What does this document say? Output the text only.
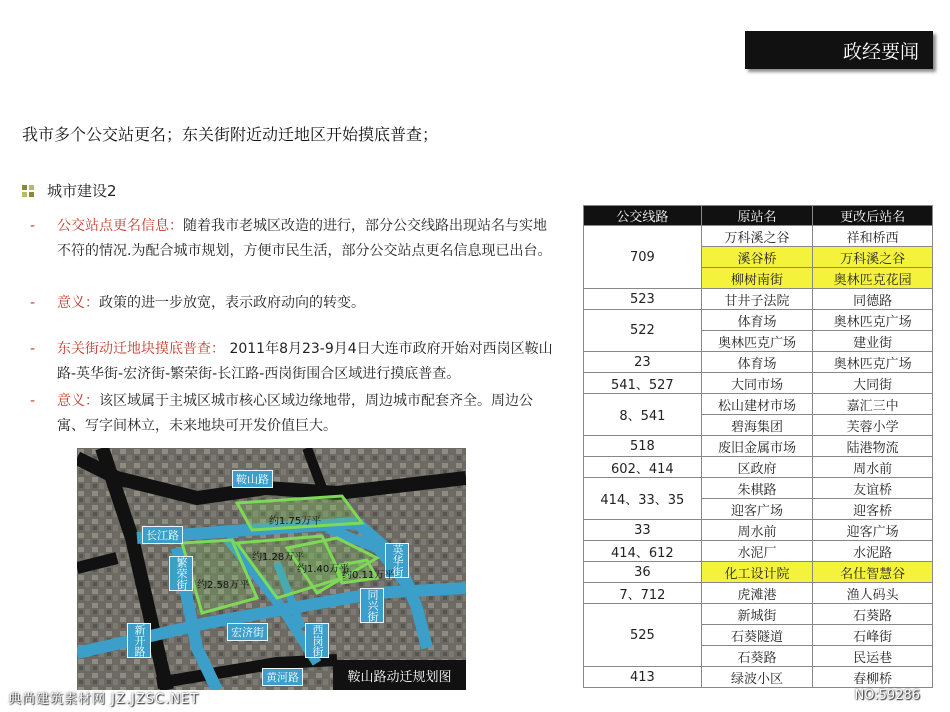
政经要闻
我市多个公交站更名；东关街附近动迁地区开始摸底普查；
城市建设2
- 公交站点更名信息：随着我市老城区改造的进行，部分公交线路出现站名与实地不符的情况.为配合城市规划，方便市民生活，部分公交站点更名信息现已出台。
- 意义：政策的进一步放宽，表示政府动向的转变。
- 东关街动迁地块摸底普查： 2011年8月23-9月4日大连市政府开始对西岗区鞍山路-英华街-宏济街-繁荣街-长江路-西岗街围合区域进行摸底普查。
- 意义：该区域属于主城区城市核心区域边缘地带，周边城市配套齐全。周边公寓、写字间林立，未来地块可开发价值巨大。
鞍山路
长江路
繁荣街
新开路	宏济街	西岗街
同兴街
英华街
黄河路
约1.75万平
约1.28万平
约1.40万平
约0.11万平
约2.58万平
鞍山路动迁规划图
公交线路	原站名	更改后站名
709	万科溪之谷	祥和桥西
	溪谷桥	万科溪之谷
	柳树南街	奥林匹克花园
523	甘井子法院	同德路
522	体育场	奥林匹克广场
	奥林匹克广场	建业街
23	体育场	奥林匹克广场
541、527	大同市场	大同街
8、541	松山建材市场	嘉汇三中
	碧海集团	芙蓉小学
518	废旧金属市场	陆港物流
602、414	区政府	周水前
414、33、35	朱棋路	友谊桥
	迎客广场	迎客桥
33	周水前	迎客广场
414、612	水泥厂	水泥路
36	化工设计院	名仕智慧谷
7、712	虎滩港	渔人码头
525	新城街	石葵路
	石葵隧道	石峰街
	石葵路	民运巷
413	绿波小区	春柳桥
典尚建筑素材网 JZ.JZSC.NET	NO:59286
